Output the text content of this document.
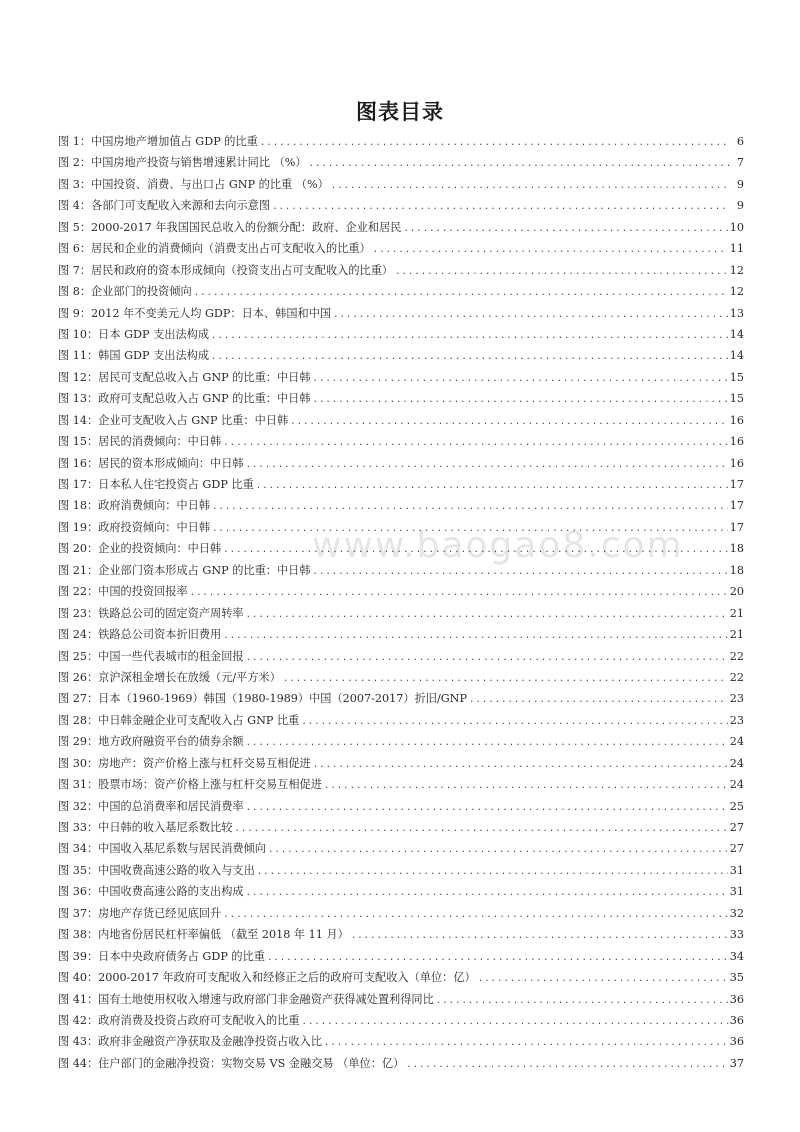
图表目录
www.baogao8.com
图 1：中国房地产增加值占 GDP 的比重 .....	6
图 2：中国房地产投资与销售增速累计同比 （%） .....	7
图 3：中国投资、消费、与出口占 GNP 的比重 （%） .....	9
图 4：各部门可支配收入来源和去向示意图 .....	9
图 5：2000-2017 年我国国民总收入的份额分配：政府、企业和居民 .....	10
图 6：居民和企业的消费倾向（消费支出占可支配收入的比重） .....	11
图 7：居民和政府的资本形成倾向（投资支出占可支配收入的比重） .....	12
图 8：企业部门的投资倾向 .....	12
图 9：2012 年不变美元人均 GDP：日本、韩国和中国 .....	13
图 10：日本 GDP 支出法构成 .....	14
图 11：韩国 GDP 支出法构成 .....	14
图 12：居民可支配总收入占 GNP 的比重：中日韩 .....	15
图 13：政府可支配总收入占 GNP 的比重：中日韩 .....	15
图 14：企业可支配收入占 GNP 比重：中日韩 .....	16
图 15：居民的消费倾向：中日韩 .....	16
图 16：居民的资本形成倾向：中日韩 .....	16
图 17：日本私人住宅投资占 GDP 比重 .....	17
图 18：政府消费倾向：中日韩 .....	17
图 19：政府投资倾向：中日韩 .....	17
图 20：企业的投资倾向：中日韩 .....	18
图 21：企业部门资本形成占 GNP 的比重：中日韩 .....	18
图 22：中国的投资回报率 .....	20
图 23：铁路总公司的固定资产周转率 .....	21
图 24：铁路总公司资本折旧费用 .....	21
图 25：中国一些代表城市的租金回报 .....	22
图 26：京沪深租金增长在放缓（元/平方米） .....	22
图 27：日本（1960-1969）韩国（1980-1989）中国（2007-2017）折旧/GNP .....	23
图 28：中日韩金融企业可支配收入占 GNP 比重 .....	23
图 29：地方政府融资平台的债券余额 .....	24
图 30：房地产：资产价格上涨与杠杆交易互相促进 .....	24
图 31：股票市场：资产价格上涨与杠杆交易互相促进 .....	24
图 32：中国的总消费率和居民消费率 .....	25
图 33：中日韩的收入基尼系数比较 .....	27
图 34：中国收入基尼系数与居民消费倾向 .....	27
图 35：中国收费高速公路的收入与支出 .....	31
图 36：中国收费高速公路的支出构成 .....	31
图 37：房地产存货已经见底回升 .....	32
图 38：内地省份居民杠杆率偏低 （截至 2018 年 11 月） .....	33
图 39：日本中央政府债务占 GDP 的比重 .....	34
图 40：2000-2017 年政府可支配收入和经修正之后的政府可支配收入（单位：亿） .....	35
图 41：国有土地使用权收入增速与政府部门非金融资产获得减处置利得同比 .....	36
图 42：政府消费及投资占政府可支配收入的比重 .....	36
图 43：政府非金融资产净获取及金融净投资占收入比 .....	36
图 44：住户部门的金融净投资：实物交易 VS 金融交易 （单位：亿） .....	37
